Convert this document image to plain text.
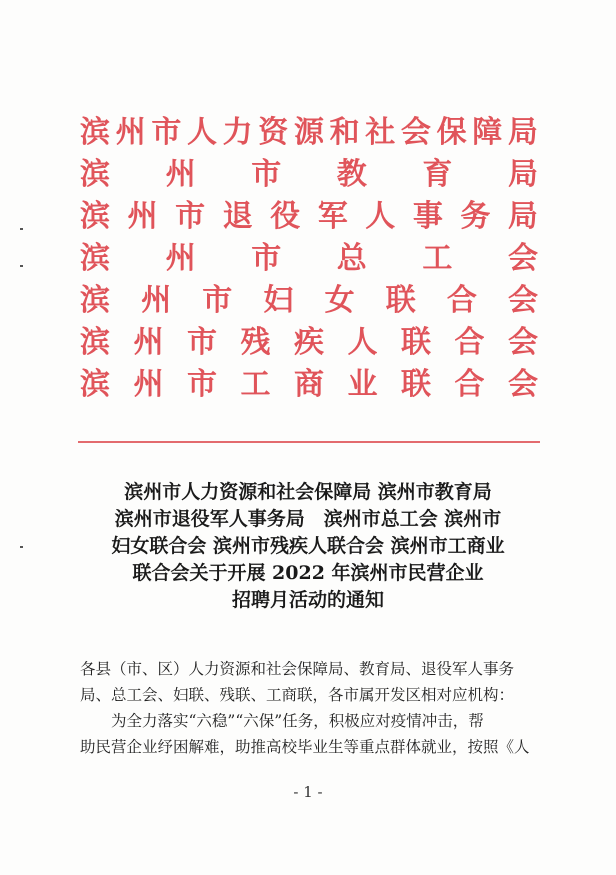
滨 州 市 人 力 资 源 和 社 会 保 障 局
滨 州 市 教 育 局
滨 州 市 退 役 军 人 事 务 局
滨 州 市 总 工 会
滨 州 市 妇 女 联 合 会
滨 州 市 残 疾 人 联 合 会
滨 州 市 工 商 业 联 合 会
滨州市人力资源和社会保障局 滨州市教育局
滨州市退役军人事务局　滨州市总工会 滨州市
妇女联合会 滨州市残疾人联合会 滨州市工商业
联合会关于开展 2022 年滨州市民营企业
招聘月活动的通知
各县（市、区）人力资源和社会保障局、教育局、退役军人事务
局、总工会、妇联、残联、工商联，各市属开发区相对应机构：
为全力落实“六稳”“六保”任务，积极应对疫情冲击，帮
助民营企业纾困解难，助推高校毕业生等重点群体就业，按照《人
- 1 -
